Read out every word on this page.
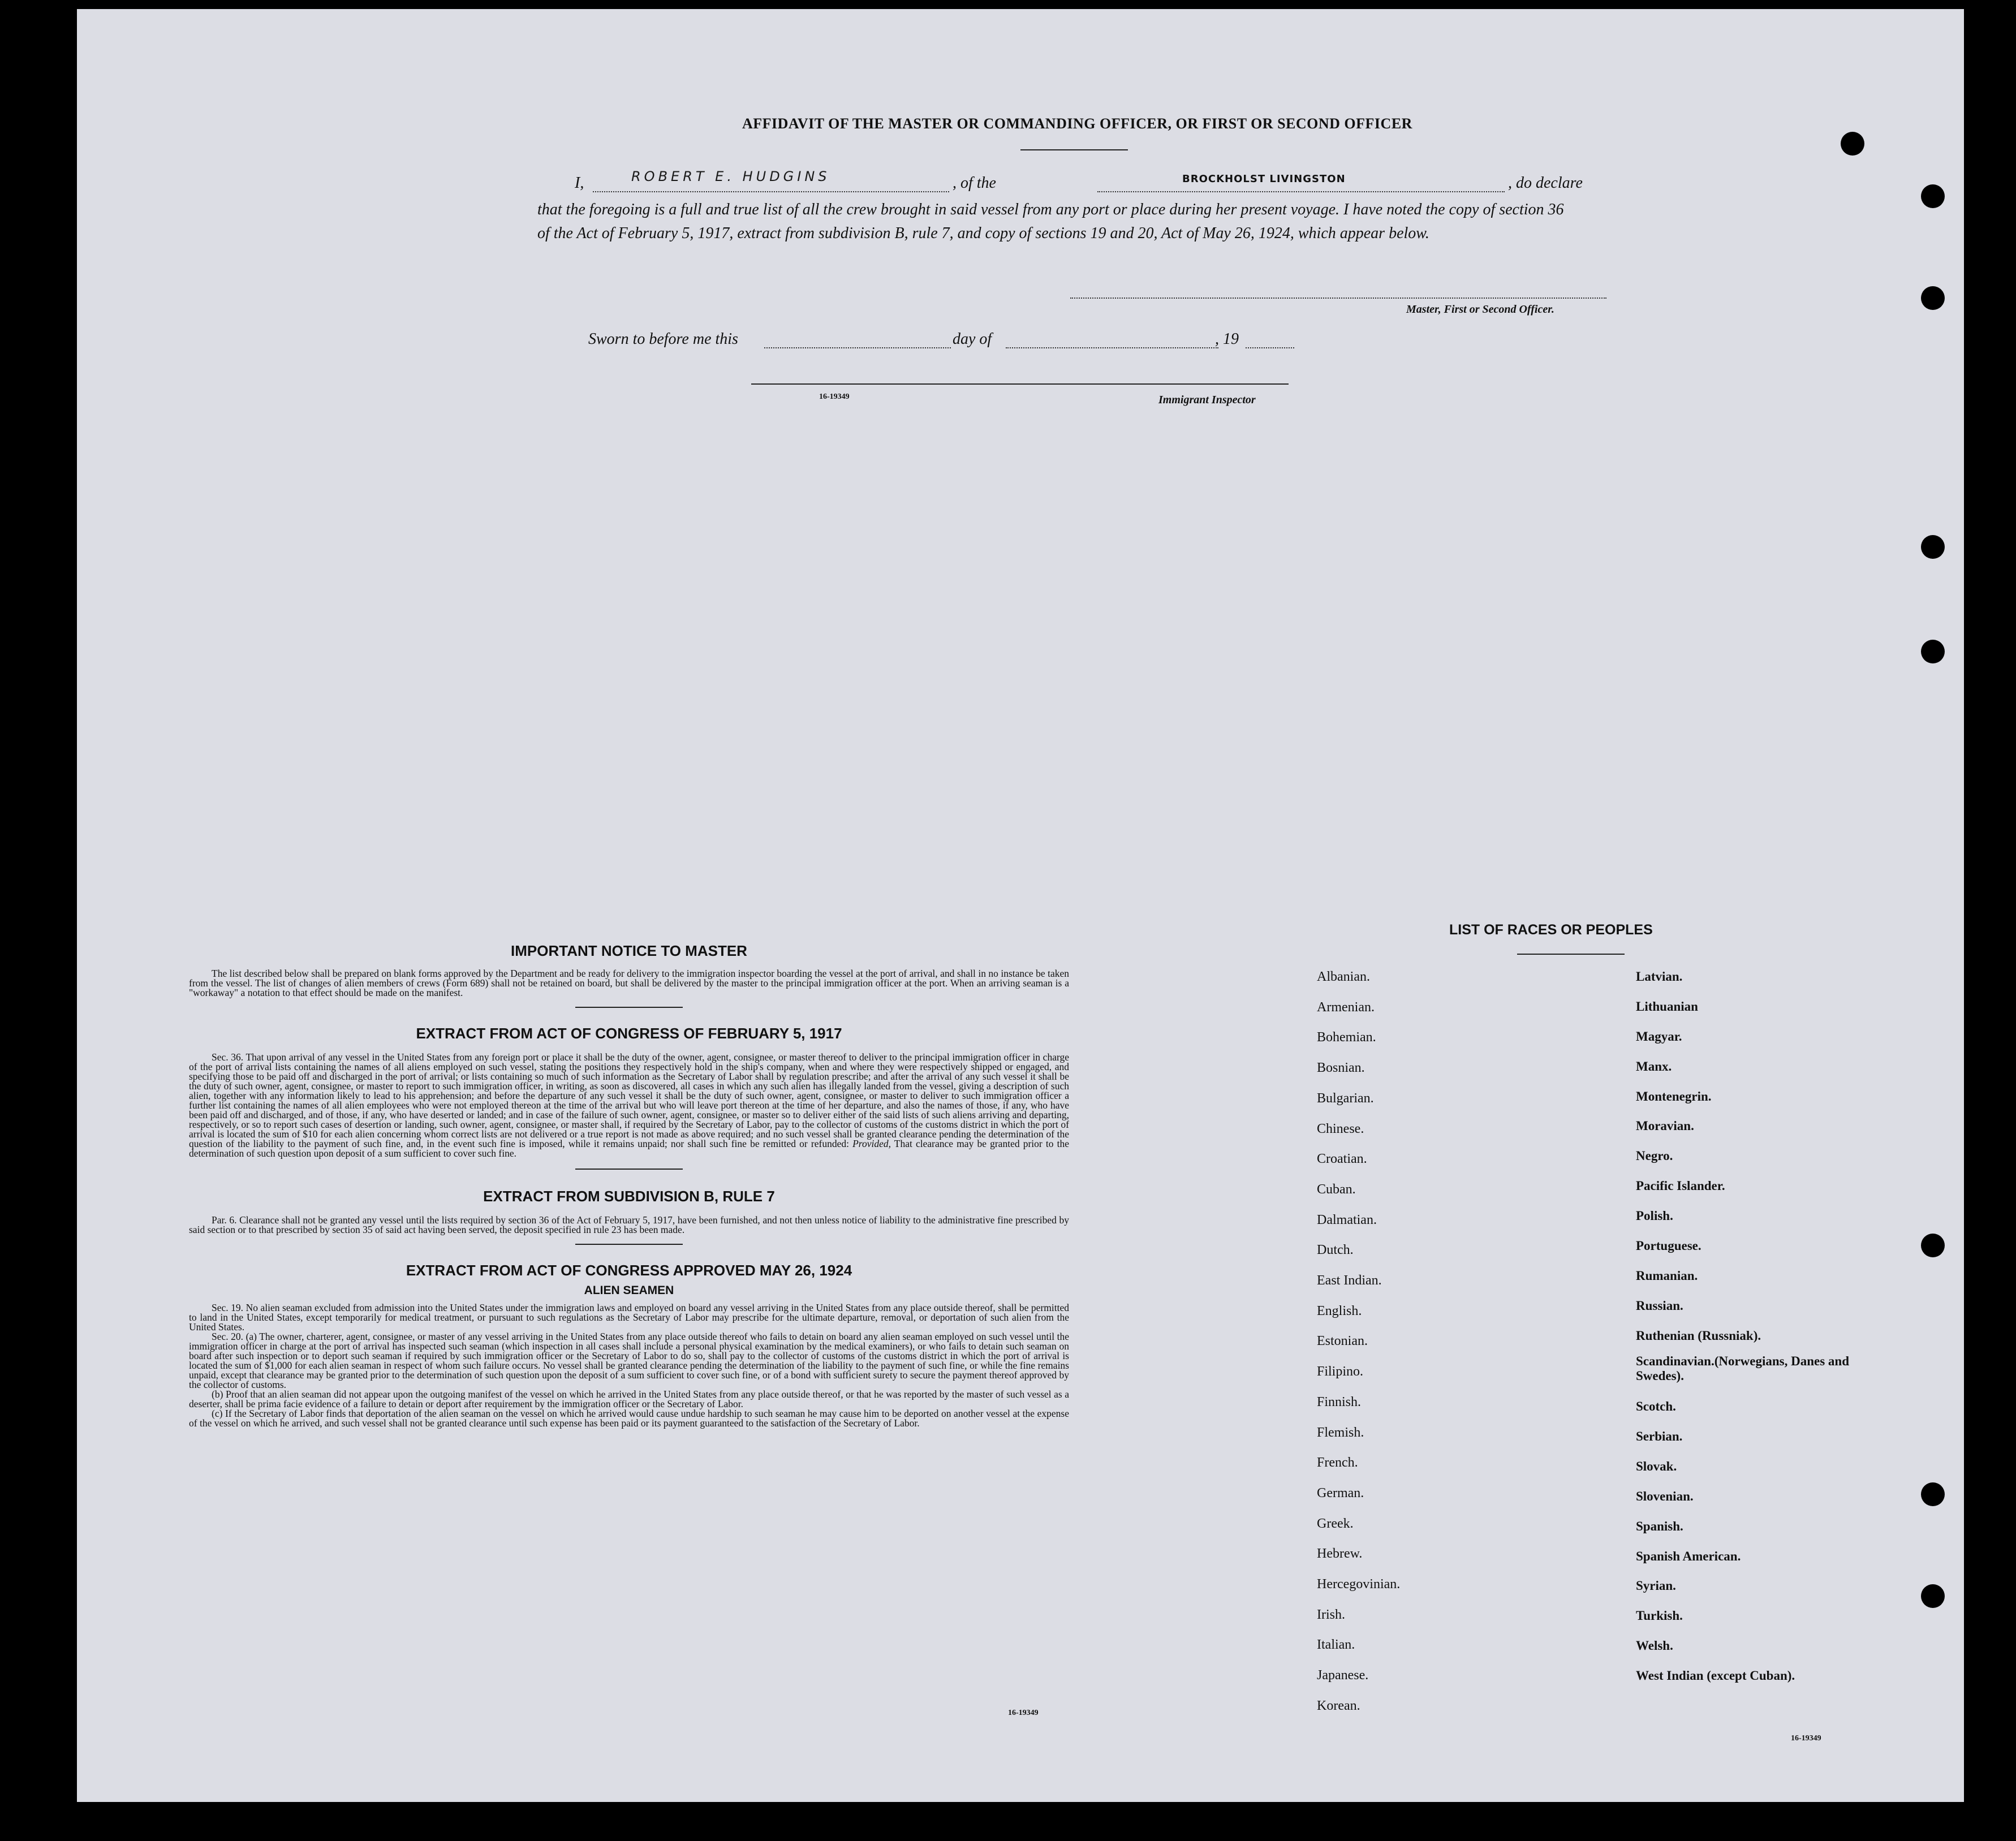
AFFIDAVIT OF THE MASTER OR COMMANDING OFFICER, OR FIRST OR SECOND OFFICER
I,	ROBERT E. HUDGINS	, of the	BROCKHOLST LIVINGSTON	, do declare

that the foregoing is a full and true list of all the crew brought in said vessel from any port or place during her present voyage. I have noted the copy of section 36 of the Act of February 5, 1917, extract from subdivision B, rule 7, and copy of sections 19 and 20, Act of May 26, 1924, which appear below.

Master, First or Second Officer.
Sworn to before me this	day of	, 19
16-19349	Immigrant Inspector
IMPORTANT NOTICE TO MASTER

The list described below shall be prepared on blank forms approved by the Department and be ready for delivery to the immigration inspector boarding the vessel at the port of arrival, and shall in no instance be taken from the vessel. The list of changes of alien members of crews (Form 689) shall not be retained on board, but shall be delivered by the master to the principal immigration officer at the port. When an arriving seaman is a "workaway" a notation to that effect should be made on the manifest.

EXTRACT FROM ACT OF CONGRESS OF FEBRUARY 5, 1917

Sec. 36. That upon arrival of any vessel in the United States from any foreign port or place it shall be the duty of the owner, agent, consignee, or master thereof to deliver to the principal immigration officer in charge of the port of arrival lists containing the names of all aliens employed on such vessel, stating the positions they respectively hold in the ship's company, when and where they were respectively shipped or engaged, and specifying those to be paid off and discharged in the port of arrival; or lists containing so much of such information as the Secretary of Labor shall by regulation prescribe; and after the arrival of any such vessel it shall be the duty of such owner, agent, consignee, or master to report to such immigration officer, in writing, as soon as discovered, all cases in which any such alien has illegally landed from the vessel, giving a description of such alien, together with any information likely to lead to his apprehension; and before the departure of any such vessel it shall be the duty of such owner, agent, consignee, or master to deliver to such immigration officer a further list containing the names of all alien employees who were not employed thereon at the time of the arrival but who will leave port thereon at the time of her departure, and also the names of those, if any, who have been paid off and discharged, and of those, if any, who have deserted or landed; and in case of the failure of such owner, agent, consignee, or master so to deliver either of the said lists of such aliens arriving and departing, respectively, or so to report such cases of desertion or landing, such owner, agent, consignee, or master shall, if required by the Secretary of Labor, pay to the collector of customs of the customs district in which the port of arrival is located the sum of $10 for each alien concerning whom correct lists are not delivered or a true report is not made as above required; and no such vessel shall be granted clearance pending the determination of the question of the liability to the payment of such fine, and, in the event such fine is imposed, while it remains unpaid; nor shall such fine be remitted or refunded: Provided, That clearance may be granted prior to the determination of such question upon deposit of a sum sufficient to cover such fine.

EXTRACT FROM SUBDIVISION B, RULE 7

Par. 6. Clearance shall not be granted any vessel until the lists required by section 36 of the Act of February 5, 1917, have been furnished, and not then unless notice of liability to the administrative fine prescribed by said section or to that prescribed by section 35 of said act having been served, the deposit specified in rule 23 has been made.

EXTRACT FROM ACT OF CONGRESS APPROVED MAY 26, 1924
ALIEN SEAMEN

Sec. 19. No alien seaman excluded from admission into the United States under the immigration laws and employed on board any vessel arriving in the United States from any place outside thereof, shall be permitted to land in the United States, except temporarily for medical treatment, or pursuant to such regulations as the Secretary of Labor may prescribe for the ultimate departure, removal, or deportation of such alien from the United States.

Sec. 20. (a) The owner, charterer, agent, consignee, or master of any vessel arriving in the United States from any place outside thereof who fails to detain on board any alien seaman employed on such vessel until the immigration officer in charge at the port of arrival has inspected such seaman (which inspection in all cases shall include a personal physical examination by the medical examiners), or who fails to detain such seaman on board after such inspection or to deport such seaman if required by such immigration officer or the Secretary of Labor to do so, shall pay to the collector of customs of the customs district in which the port of arrival is located the sum of $1,000 for each alien seaman in respect of whom such failure occurs. No vessel shall be granted clearance pending the determination of the liability to the payment of such fine, or while the fine remains unpaid, except that clearance may be granted prior to the determination of such question upon the deposit of a sum sufficient to cover such fine, or of a bond with sufficient surety to secure the payment thereof approved by the collector of customs.

(b) Proof that an alien seaman did not appear upon the outgoing manifest of the vessel on which he arrived in the United States from any place outside thereof, or that he was reported by the master of such vessel as a deserter, shall be prima facie evidence of a failure to detain or deport after requirement by the immigration officer or the Secretary of Labor.

(c) If the Secretary of Labor finds that deportation of the alien seaman on the vessel on which he arrived would cause undue hardship to such seaman he may cause him to be deported on another vessel at the expense of the vessel on which he arrived, and such vessel shall not be granted clearance until such expense has been paid or its payment guaranteed to the satisfaction of the Secretary of Labor.

16-19349
LIST OF RACES OR PEOPLES
16-19349
Albanian.
Armenian.
Bohemian.
Bosnian.
Bulgarian.
Chinese.
Croatian.
Cuban.
Dalmatian.
Dutch.
East Indian.
English.
Estonian.
Filipino.
Finnish.
Flemish.
French.
German.
Greek.
Hebrew.
Hercegovinian.
Irish.
Italian.
Japanese.
Korean.
Latvian.
Lithuanian
Magyar.
Manx.
Montenegrin.
Moravian.
Negro.
Pacific Islander.
Polish.
Portuguese.
Rumanian.
Russian.
Ruthenian (Russniak).
Scandinavian.(Norwegians, Danes and Swedes).
Scotch.
Serbian.
Slovak.
Slovenian.
Spanish.
Spanish American.
Syrian.
Turkish.
Welsh.
West Indian (except Cuban).
